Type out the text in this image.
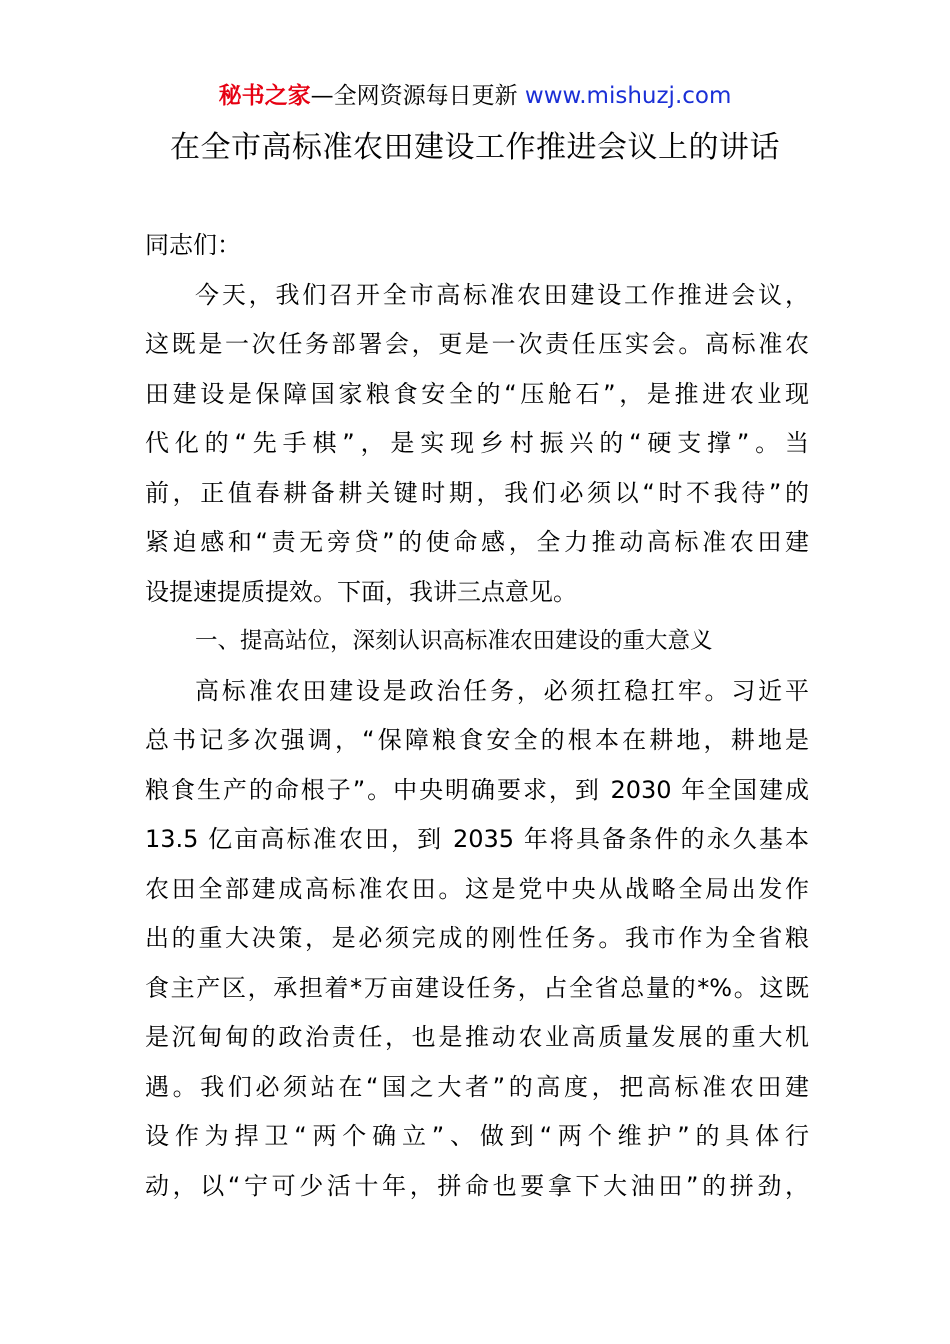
秘书之家—全网资源每日更新 www.mishuzj.com
在全市高标准农田建设工作推进会议上的讲话
同志们：
今天，我们召开全市高标准农田建设工作推进会议，
这既是一次任务部署会，更是一次责任压实会。高标准农
田建设是保障国家粮食安全的“压舱石”，是推进农业现
代化的“先手棋”，是实现乡村振兴的“硬支撑”。当
前，正值春耕备耕关键时期，我们必须以“时不我待”的
紧迫感和“责无旁贷”的使命感，全力推动高标准农田建
设提速提质提效。下面，我讲三点意见。
一、提高站位，深刻认识高标准农田建设的重大意义
高标准农田建设是政治任务，必须扛稳扛牢。习近平
总书记多次强调，“保障粮食安全的根本在耕地，耕地是
粮食生产的命根子”。中央明确要求，到 2030 年全国建成
13.5 亿亩高标准农田，到 2035 年将具备条件的永久基本
农田全部建成高标准农田。这是党中央从战略全局出发作
出的重大决策，是必须完成的刚性任务。我市作为全省粮
食主产区，承担着*万亩建设任务，占全省总量的*%。这既
是沉甸甸的政治责任，也是推动农业高质量发展的重大机
遇。我们必须站在“国之大者”的高度，把高标准农田建
设作为捍卫“两个确立”、做到“两个维护”的具体行
动，以“宁可少活十年，拼命也要拿下大油田”的拼劲，
